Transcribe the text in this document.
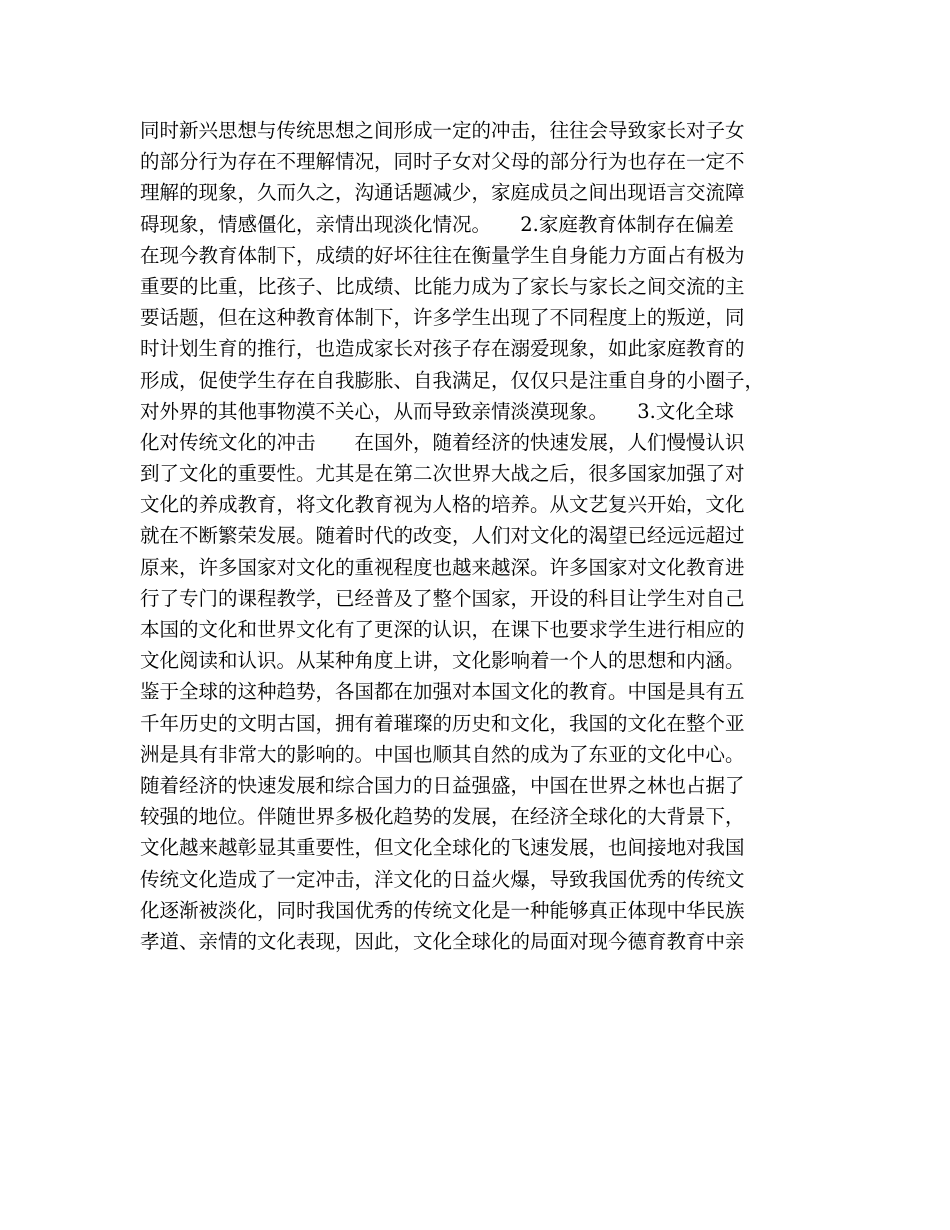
同时新兴思想与传统思想之间形成一定的冲击，往往会导致家长对子女
的部分行为存在不理解情况，同时子女对父母的部分行为也存在一定不
理解的现象，久而久之，沟通话题减少，家庭成员之间出现语言交流障
碍现象，情感僵化，亲情出现淡化情况。　　2.家庭教育体制存在偏差
在现今教育体制下，成绩的好坏往往在衡量学生自身能力方面占有极为
重要的比重，比孩子、比成绩、比能力成为了家长与家长之间交流的主
要话题，但在这种教育体制下，许多学生出现了不同程度上的叛逆，同
时计划生育的推行，也造成家长对孩子存在溺爱现象，如此家庭教育的
形成，促使学生存在自我膨胀、自我满足，仅仅只是注重自身的小圈子，
对外界的其他事物漠不关心，从而导致亲情淡漠现象。　　3.文化全球
化对传统文化的冲击　　在国外，随着经济的快速发展，人们慢慢认识
到了文化的重要性。尤其是在第二次世界大战之后，很多国家加强了对
文化的养成教育，将文化教育视为人格的培养。从文艺复兴开始，文化
就在不断繁荣发展。随着时代的改变，人们对文化的渴望已经远远超过
原来，许多国家对文化的重视程度也越来越深。许多国家对文化教育进
行了专门的课程教学，已经普及了整个国家，开设的科目让学生对自己
本国的文化和世界文化有了更深的认识，在课下也要求学生进行相应的
文化阅读和认识。从某种角度上讲，文化影响着一个人的思想和内涵。
鉴于全球的这种趋势，各国都在加强对本国文化的教育。中国是具有五
千年历史的文明古国，拥有着璀璨的历史和文化，我国的文化在整个亚
洲是具有非常大的影响的。中国也顺其自然的成为了东亚的文化中心。
随着经济的快速发展和综合国力的日益强盛，中国在世界之林也占据了
较强的地位。伴随世界多极化趋势的发展，在经济全球化的大背景下，
文化越来越彰显其重要性，但文化全球化的飞速发展，也间接地对我国
传统文化造成了一定冲击，洋文化的日益火爆，导致我国优秀的传统文
化逐渐被淡化，同时我国优秀的传统文化是一种能够真正体现中华民族
孝道、亲情的文化表现，因此，文化全球化的局面对现今德育教育中亲
